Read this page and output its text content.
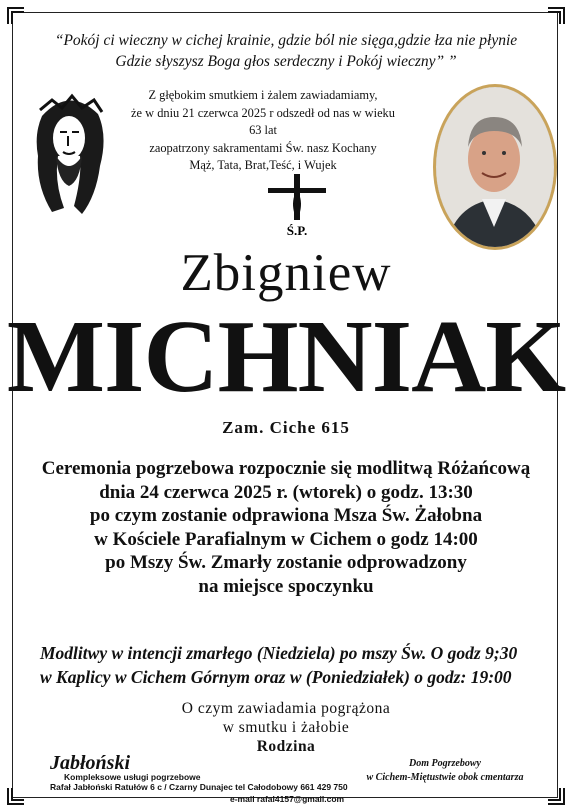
“Pokój ci wieczny w cichej krainie, gdzie ból nie sięga,gdzie łza nie płynie
Gdzie słyszysz Boga głos serdeczny i Pokój wieczny” ”
Z głębokim smutkiem i żalem zawiadamiamy,
że w dniu 21 czerwca 2025 r odszedł od nas w wieku 63 lat
zaopatrzony sakramentami Św. nasz Kochany
Mąż, Tata, Brat,Teść, i Wujek
Ś.P.
Zbigniew
MICHNIAK
Zam. Ciche 615
Ceremonia pogrzebowa rozpocznie się modlitwą Różańcową
dnia 24 czerwca 2025 r. (wtorek) o godz. 13:30
po czym zostanie odprawiona Msza Św. Żałobna
w Kościele Parafialnym w Cichem o godz 14:00
po Mszy Św. Zmarły zostanie odprowadzony
na miejsce spoczynku
Modlitwy w intencji zmarłego (Niedziela) po mszy Św. O godz 9;30
w Kaplicy w Cichem Górnym oraz w (Poniedziałek) o godz: 19:00
O czym zawiadamia pogrążona
w smutku i żałobie
Rodzina
Jabłoński
Kompleksowe usługi pogrzebowe
Rafał Jabłoński Ratułów 6 c / Czarny Dunajec tel Całodobowy 661 429 750
e-mail rafal4157@gmail.com
Dom Pogrzebowy
w Cichem-Miętustwie obok cmentarza
